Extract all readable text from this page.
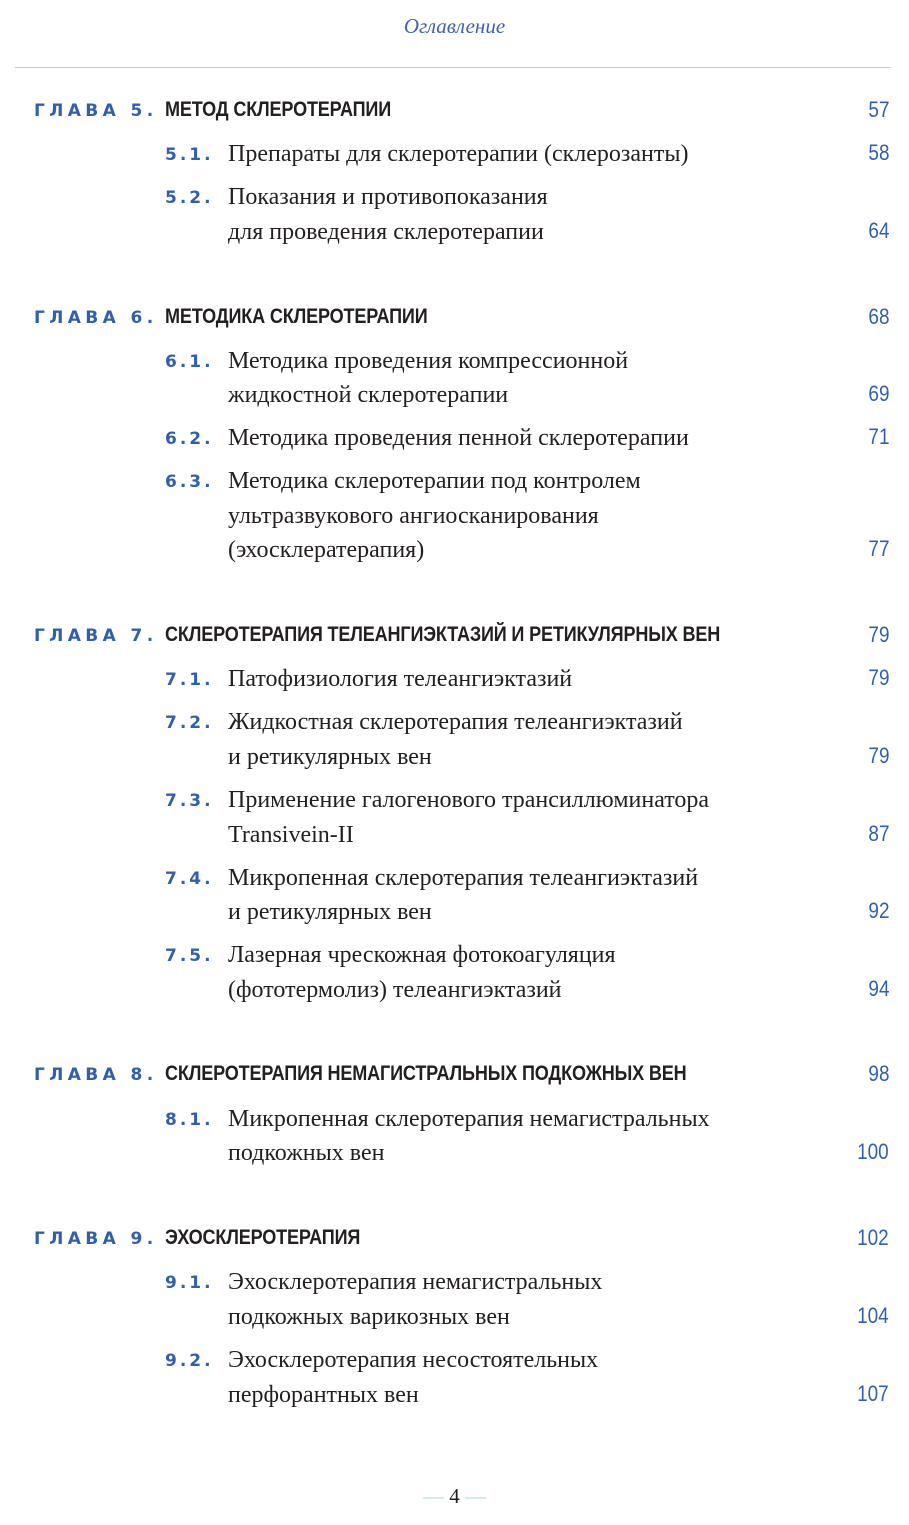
Оглавление
ГЛАВА 5. МЕТОД СКЛЕРОТЕРАПИИ	57
5.1. Препараты для склеротерапии (склерозанты)	58
5.2. Показания и противопоказания
для проведения склеротерапии	64
ГЛАВА 6. МЕТОДИКА СКЛЕРОТЕРАПИИ	68
6.1. Методика проведения компрессионной
жидкостной склеротерапии	69
6.2. Методика проведения пенной склеротерапии	71
6.3. Методика склеротерапии под контролем
ультразвукового ангиосканирования
(эхосклератерапия)	77
ГЛАВА 7. СКЛЕРОТЕРАПИЯ ТЕЛЕАНГИЭКТАЗИЙ И РЕТИКУЛЯРНЫХ ВЕН	79
7.1. Патофизиология телеангиэктазий	79
7.2. Жидкостная склеротерапия телеангиэктазий
и ретикулярных вен	79
7.3. Применение галогенового трансиллюминатора
Transivein-II	87
7.4. Микропенная склеротерапия телеангиэктазий
и ретикулярных вен	92
7.5. Лазерная чрескожная фотокоагуляция
(фототермолиз) телеангиэктазий	94
ГЛАВА 8. СКЛЕРОТЕРАПИЯ НЕМАГИСТРАЛЬНЫХ ПОДКОЖНЫХ ВЕН	98
8.1. Микропенная склеротерапия немагистральных
подкожных вен	100
ГЛАВА 9. ЭХОСКЛЕРОТЕРАПИЯ	102
9.1. Эхосклеротерапия немагистральных
подкожных варикозных вен	104
9.2. Эхосклеротерапия несостоятельных
перфорантных вен	107
— 4 —
